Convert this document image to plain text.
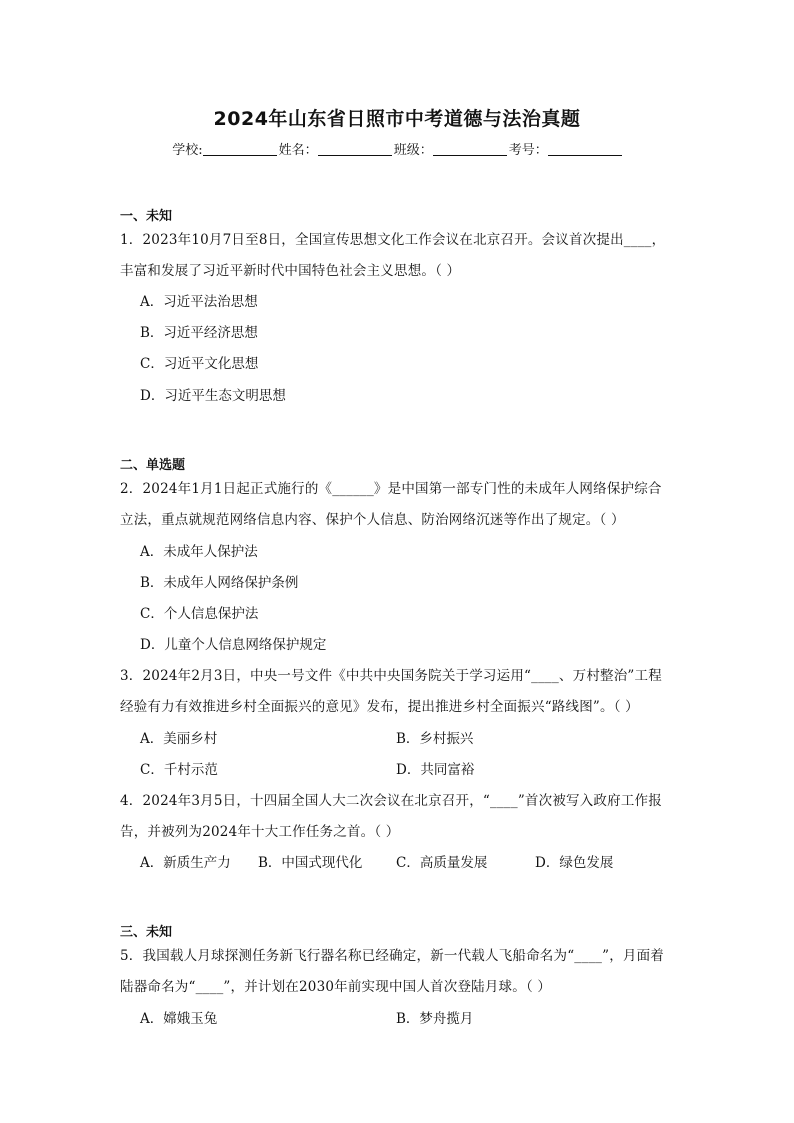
2024年山东省日照市中考道德与法治真题
学校:	姓名：	班级：	考号：
一、未知
1．2023年10月7日至8日，全国宣传思想文化工作会议在北京召开。会议首次提出____，
丰富和发展了习近平新时代中国特色社会主义思想。（ ）
A．习近平法治思想
B．习近平经济思想
C．习近平文化思想
D．习近平生态文明思想
二、单选题
2．2024年1月1日起正式施行的《______》是中国第一部专门性的未成年人网络保护综合
立法，重点就规范网络信息内容、保护个人信息、防治网络沉迷等作出了规定。（ ）
A．未成年人保护法
B．未成年人网络保护条例
C．个人信息保护法
D．儿童个人信息网络保护规定
3．2024年2月3日，中央一号文件《中共中央国务院关于学习运用“____、万村整治”工程
经验有力有效推进乡村全面振兴的意见》发布，提出推进乡村全面振兴“路线图”。（ ）
A．美丽乡村	B．乡村振兴
C．千村示范	D．共同富裕
4．2024年3月5日，十四届全国人大二次会议在北京召开，“____”首次被写入政府工作报
告，并被列为2024年十大工作任务之首。（ ）
A．新质生产力 B．中国式现代化 C．高质量发展	D．绿色发展
三、未知
5．我国载人月球探测任务新飞行器名称已经确定，新一代载人飞船命名为“____”，月面着
陆器命名为“____”，并计划在2030年前实现中国人首次登陆月球。（ ）
A．嫦娥玉兔	B．梦舟揽月
